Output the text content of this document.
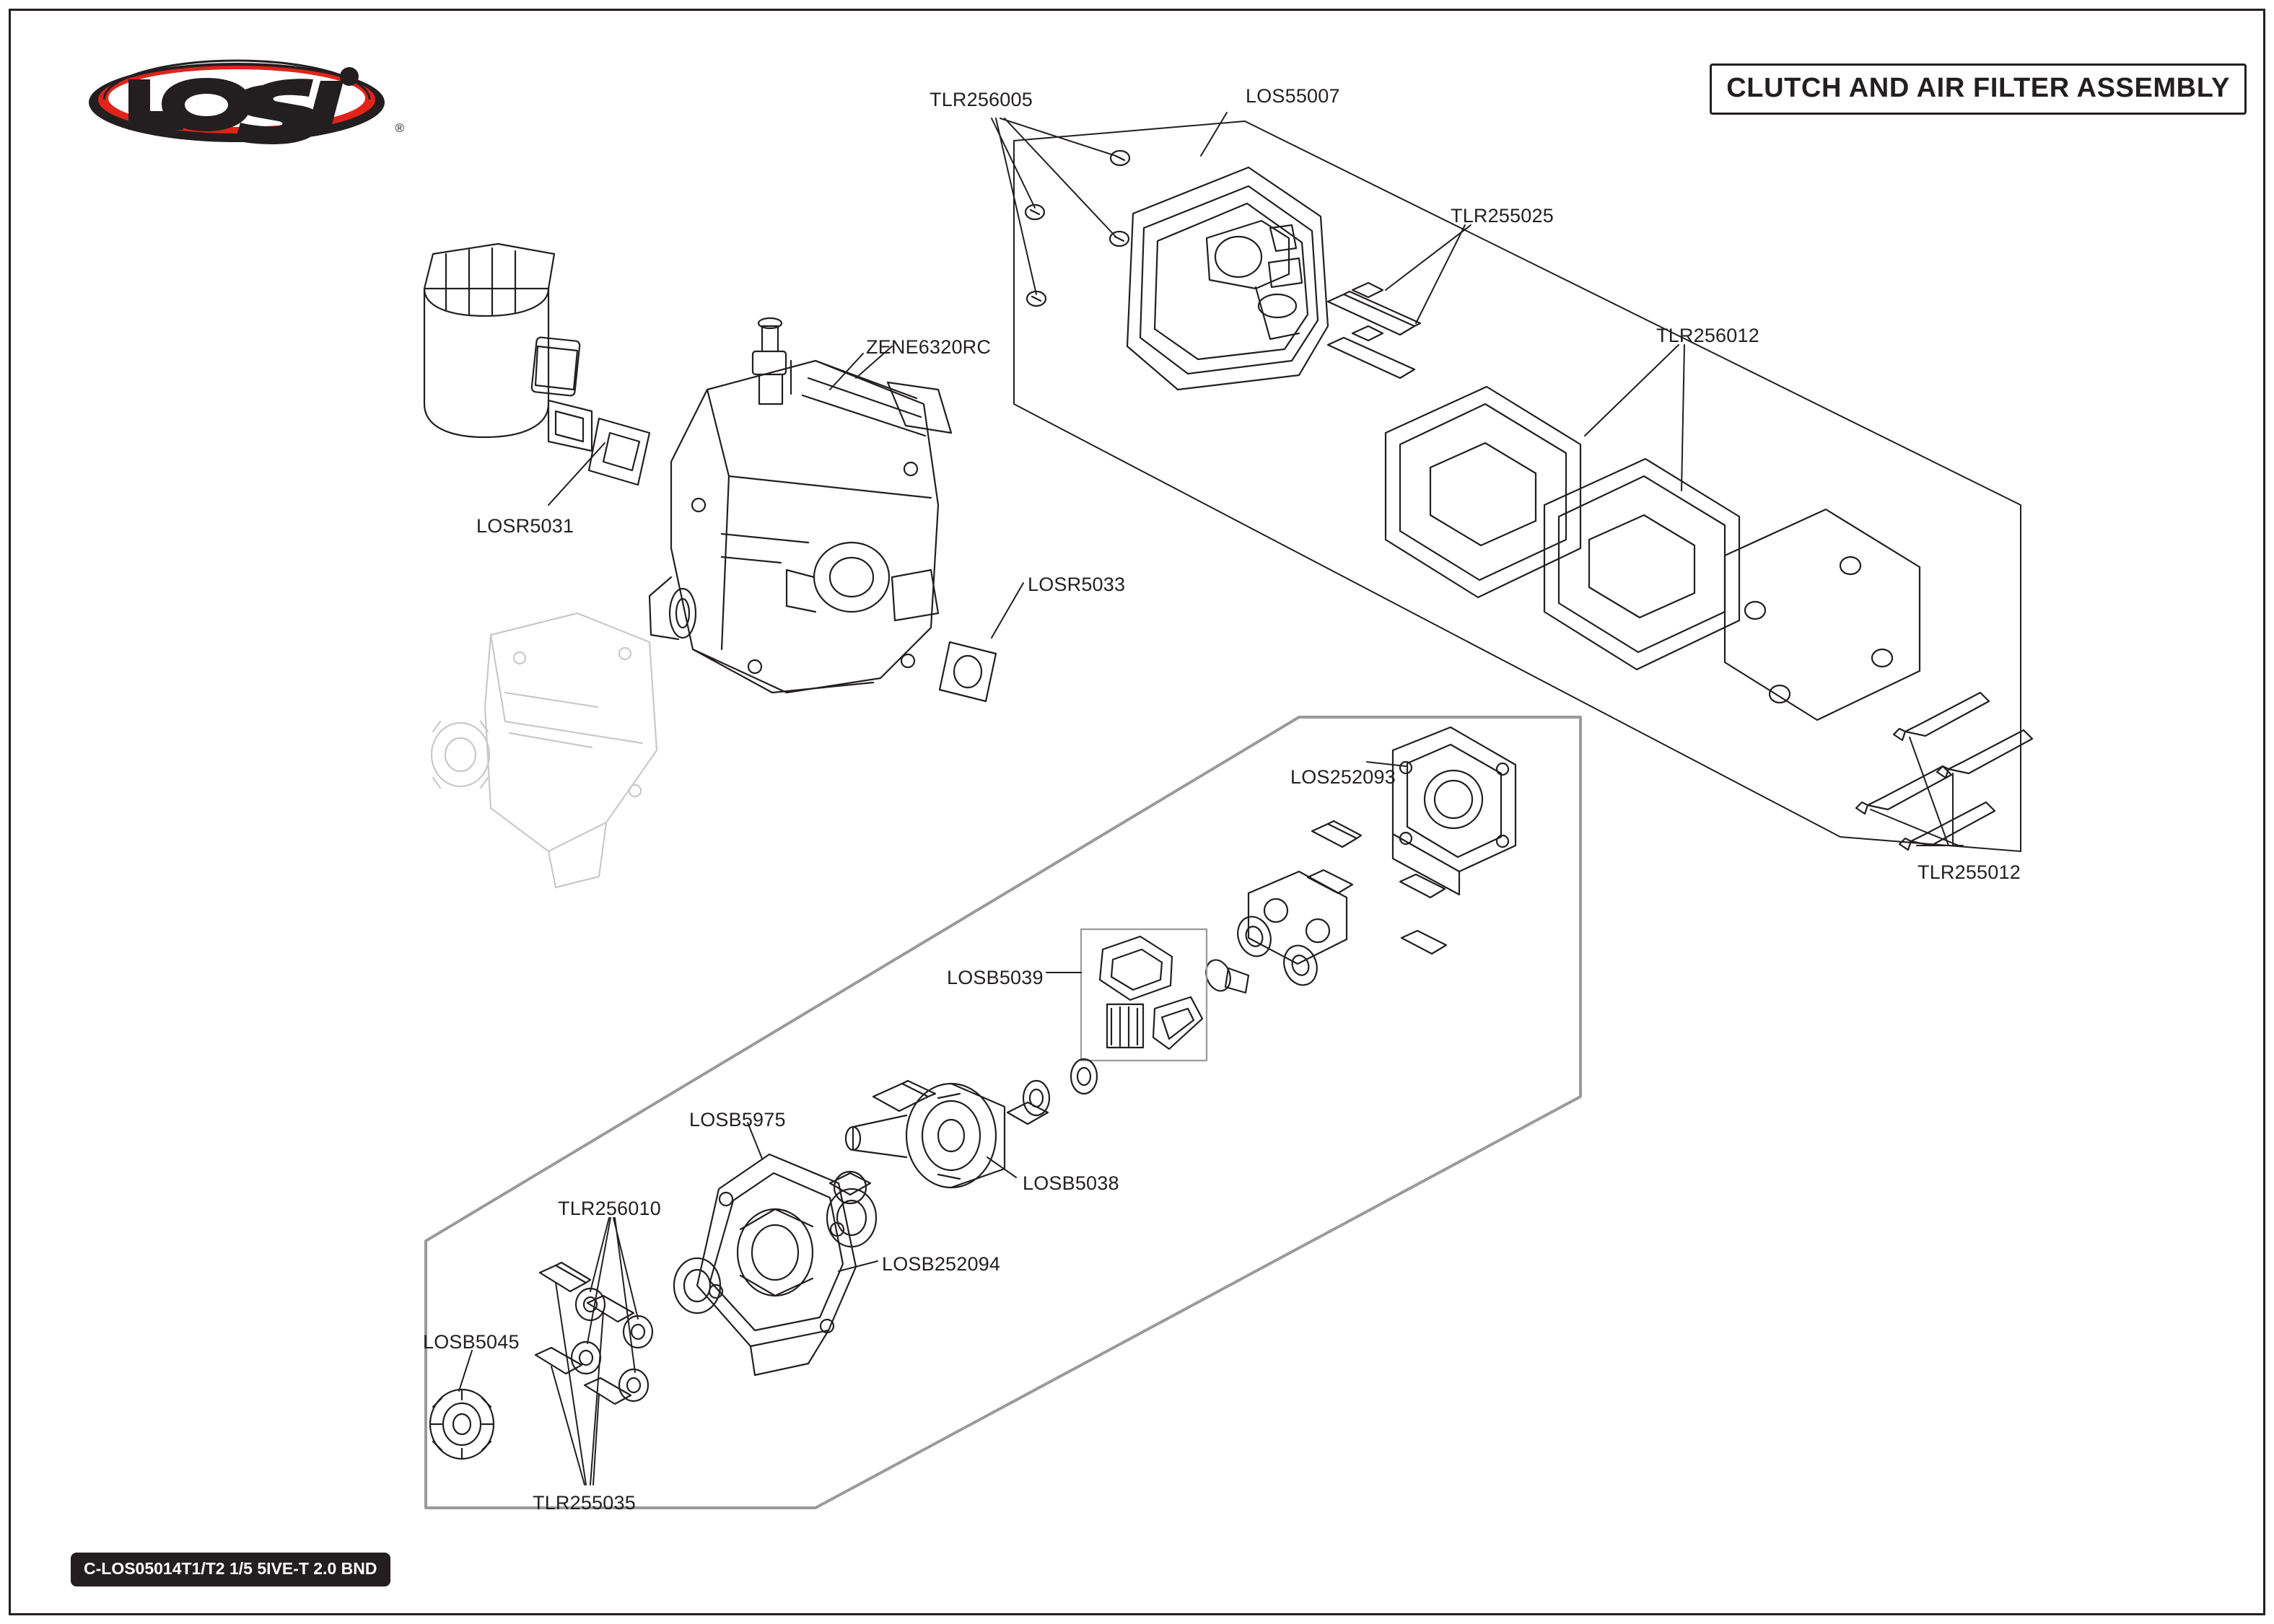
®
CLUTCH AND AIR FILTER ASSEMBLY
C-LOS05014T1/T2 1/5 5IVE-T 2.0 BND
TLR256005	LOS55007
TLR255025
TLR256012
ZENE6320RC
LOSR5031
LOSR5033
TLR255012
LOS252093
LOSB5039
LOSB5975
LOSB5038
TLR256010
LOSB252094
LOSB5045
TLR255035
